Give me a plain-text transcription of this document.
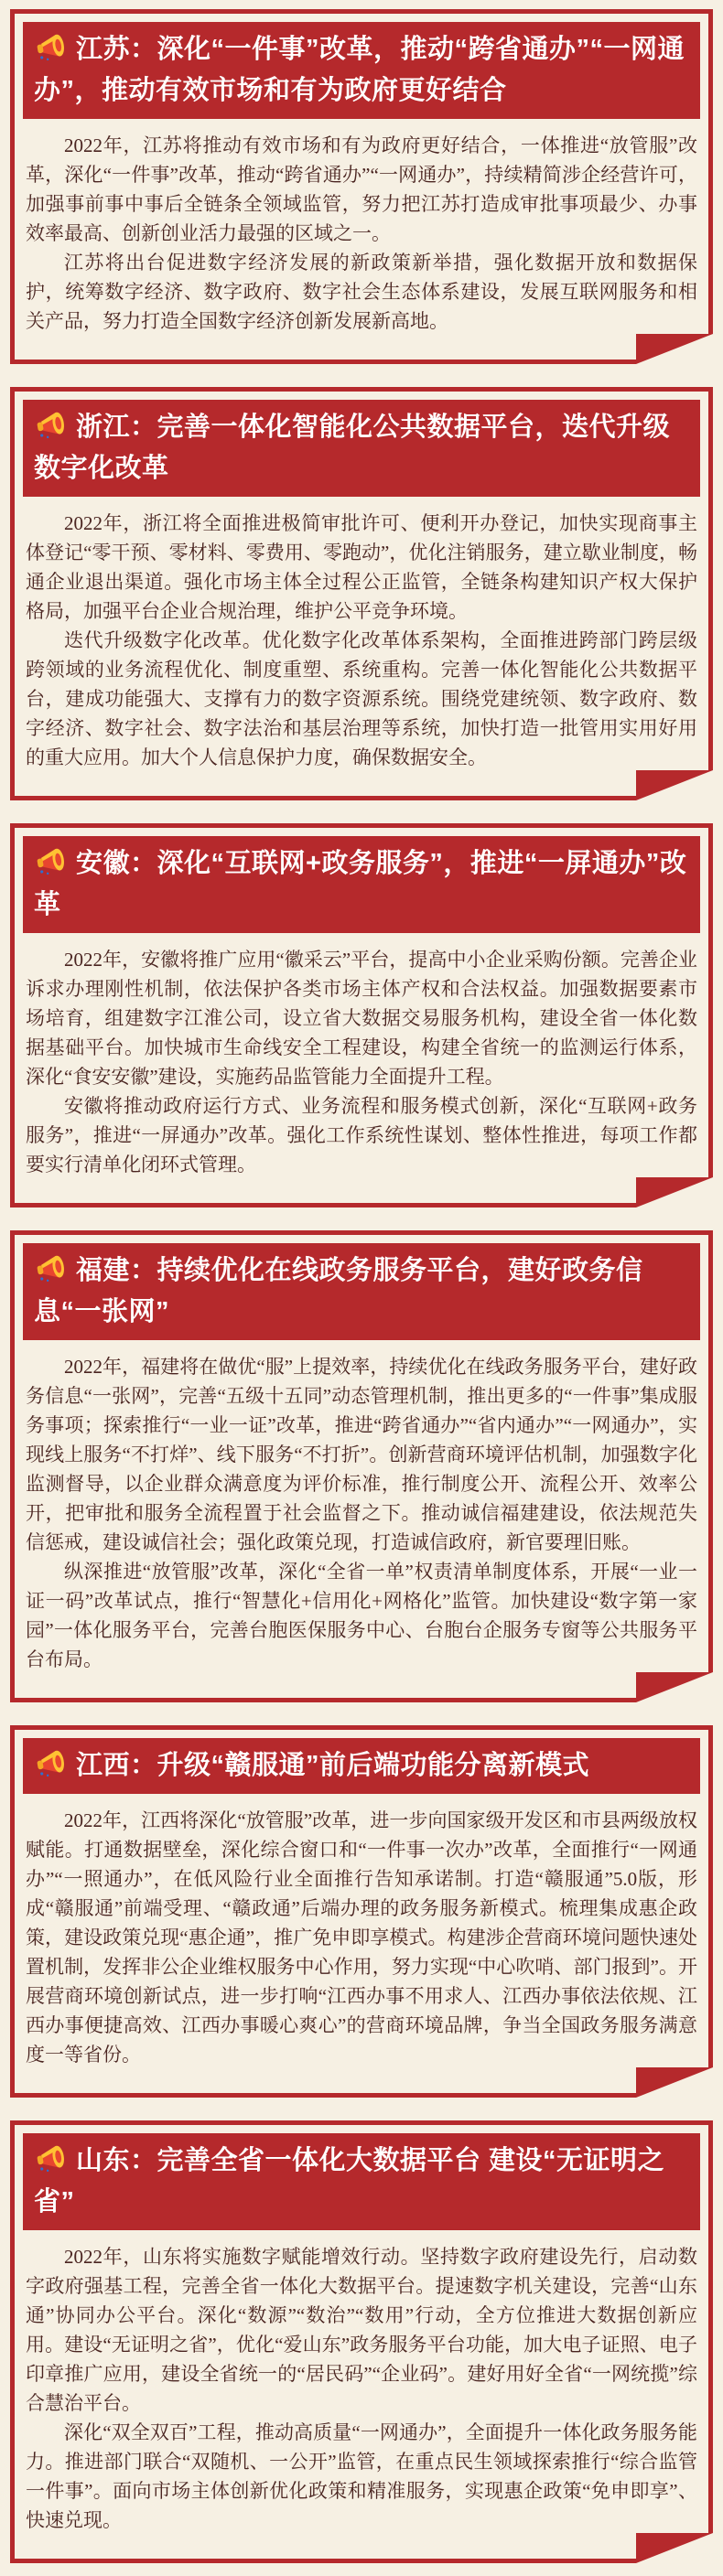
江苏：深化“一件事”改革，推动“跨省通办”“一网通办”，推动有效市场和有为政府更好结合

2022年，江苏将推动有效市场和有为政府更好结合，一体推进“放管服”改革，深化“一件事”改革，推动“跨省通办”“一网通办”，持续精简涉企经营许可，加强事前事中事后全链条全领域监管，努力把江苏打造成审批事项最少、办事效率最高、创新创业活力最强的区域之一。

江苏将出台促进数字经济发展的新政策新举措，强化数据开放和数据保护，统筹数字经济、数字政府、数字社会生态体系建设，发展互联网服务和相关产品，努力打造全国数字经济创新发展新高地。

浙江：完善一体化智能化公共数据平台，迭代升级数字化改革

2022年，浙江将全面推进极简审批许可、便利开办登记，加快实现商事主体登记“零干预、零材料、零费用、零跑动”，优化注销服务，建立歇业制度，畅通企业退出渠道。强化市场主体全过程公正监管，全链条构建知识产权大保护格局，加强平台企业合规治理，维护公平竞争环境。

迭代升级数字化改革。优化数字化改革体系架构，全面推进跨部门跨层级跨领域的业务流程优化、制度重塑、系统重构。完善一体化智能化公共数据平台，建成功能强大、支撑有力的数字资源系统。围绕党建统领、数字政府、数字经济、数字社会、数字法治和基层治理等系统，加快打造一批管用实用好用的重大应用。加大个人信息保护力度，确保数据安全。

安徽：深化“互联网+政务服务”，推进“一屏通办”改革

2022年，安徽将推广应用“徽采云”平台，提高中小企业采购份额。完善企业诉求办理刚性机制，依法保护各类市场主体产权和合法权益。加强数据要素市场培育，组建数字江淮公司，设立省大数据交易服务机构，建设全省一体化数据基础平台。加快城市生命线安全工程建设，构建全省统一的监测运行体系，深化“食安安徽”建设，实施药品监管能力全面提升工程。

安徽将推动政府运行方式、业务流程和服务模式创新，深化“互联网+政务服务”，推进“一屏通办”改革。强化工作系统性谋划、整体性推进，每项工作都要实行清单化闭环式管理。

福建：持续优化在线政务服务平台，建好政务信息“一张网”

2022年，福建将在做优“服”上提效率，持续优化在线政务服务平台，建好政务信息“一张网”，完善“五级十五同”动态管理机制，推出更多的“一件事”集成服务事项；探索推行“一业一证”改革，推进“跨省通办”“省内通办”“一网通办”，实现线上服务“不打烊”、线下服务“不打折”。创新营商环境评估机制，加强数字化监测督导，以企业群众满意度为评价标准，推行制度公开、流程公开、效率公开，把审批和服务全流程置于社会监督之下。推动诚信福建建设，依法规范失信惩戒，建设诚信社会；强化政策兑现，打造诚信政府，新官要理旧账。

纵深推进“放管服”改革，深化“全省一单”权责清单制度体系，开展“一业一证一码”改革试点，推行“智慧化+信用化+网格化”监管。加快建设“数字第一家园”一体化服务平台，完善台胞医保服务中心、台胞台企服务专窗等公共服务平台布局。

江西：升级“赣服通”前后端功能分离新模式

2022年，江西将深化“放管服”改革，进一步向国家级开发区和市县两级放权赋能。打通数据壁垒，深化综合窗口和“一件事一次办”改革，全面推行“一网通办”“一照通办”，在低风险行业全面推行告知承诺制。打造“赣服通”5.0版，形成“赣服通”前端受理、“赣政通”后端办理的政务服务新模式。梳理集成惠企政策，建设政策兑现“惠企通”，推广免申即享模式。构建涉企营商环境问题快速处置机制，发挥非公企业维权服务中心作用，努力实现“中心吹哨、部门报到”。开展营商环境创新试点，进一步打响“江西办事不用求人、江西办事依法依规、江西办事便捷高效、江西办事暖心爽心”的营商环境品牌，争当全国政务服务满意度一等省份。

山东：完善全省一体化大数据平台 建设“无证明之省”

2022年，山东将实施数字赋能增效行动。坚持数字政府建设先行，启动数字政府强基工程，完善全省一体化大数据平台。提速数字机关建设，完善“山东通”协同办公平台。深化“数源”“数治”“数用”行动，全方位推进大数据创新应用。建设“无证明之省”，优化“爱山东”政务服务平台功能，加大电子证照、电子印章推广应用，建设全省统一的“居民码”“企业码”。建好用好全省“一网统揽”综合慧治平台。

深化“双全双百”工程，推动高质量“一网通办”，全面提升一体化政务服务能力。推进部门联合“双随机、一公开”监管，在重点民生领域探索推行“综合监管一件事”。面向市场主体创新优化政策和精准服务，实现惠企政策“免申即享”、快速兑现。
